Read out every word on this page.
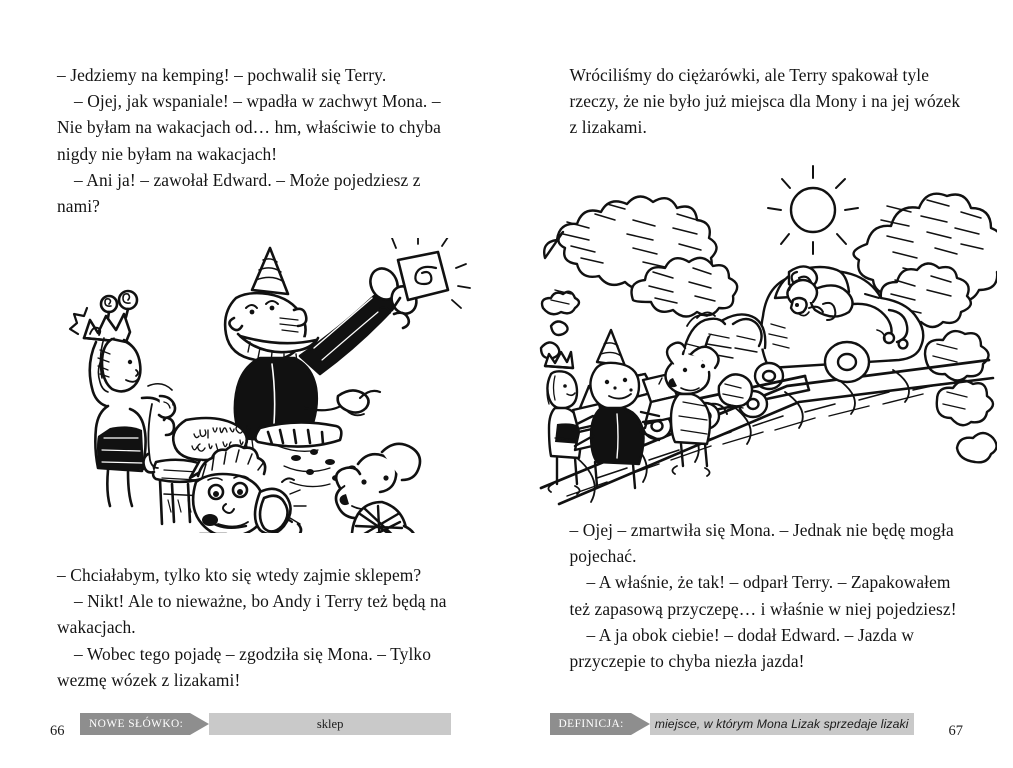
– Jedziemy na kemping! – pochwalił się Terry.

– Ojej, jak wspaniale! – wpadła w zachwyt Mona. – Nie byłam na wakacjach od… hm, właściwie to chyba nigdy nie byłam na wakacjach!

– Ani ja! – zawołał Edward. – Może pojedziesz z nami?

– Chciałabym, tylko kto się wtedy zajmie sklepem?

– Nikt! Ale to nieważne, bo Andy i Terry też będą na wakacjach.

– Wobec tego pojadę – zgodziła się Mona. – Tylko wezmę wózek z lizakami!

66	NOWE SŁÓWKO:	sklep

Wróciliśmy do ciężarówki, ale Terry spakował tyle rzeczy, że nie było już miejsca dla Mony i na jej wózek z lizakami.

– Ojej – zmartwiła się Mona. – Jednak nie będę mogła pojechać.

– A właśnie, że tak! – odparł Terry. – Zapakowałem też zapasową przyczepę… i właśnie w niej pojedziesz!

– A ja obok ciebie! – dodał Edward. – Jazda w przyczepie to chyba niezła jazda!

67
DEFINICJA:	miejsce, w którym Mona Lizak sprzedaje lizaki
